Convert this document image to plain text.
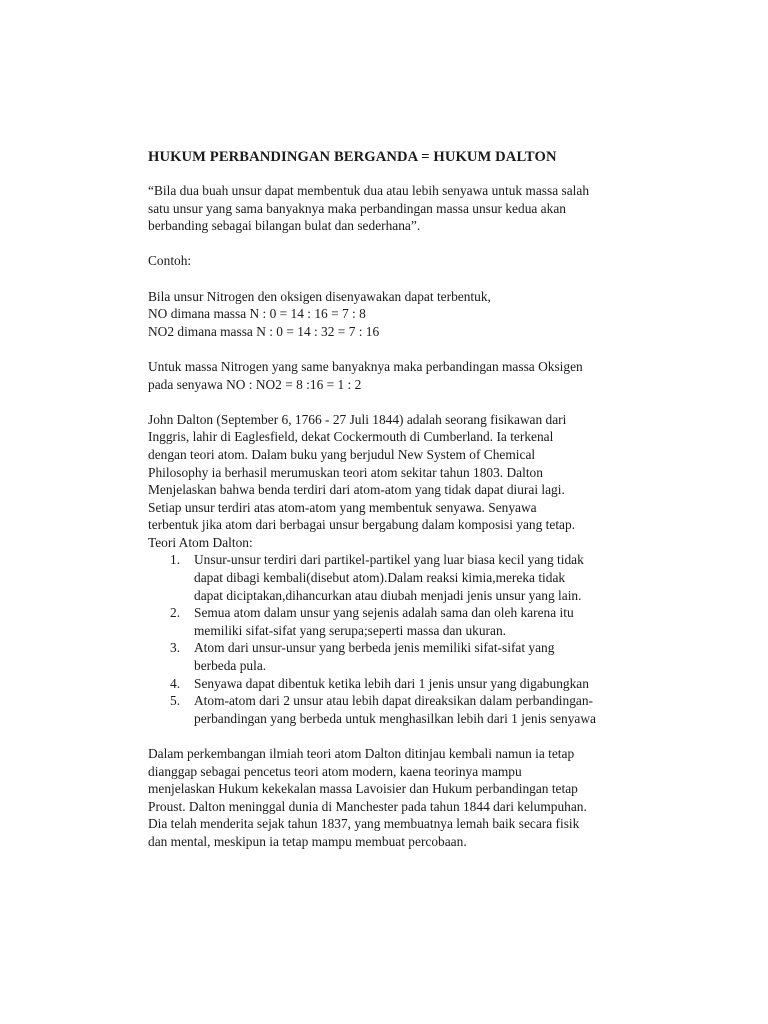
HUKUM PERBANDINGAN BERGANDA = HUKUM DALTON
“Bila dua buah unsur dapat membentuk dua atau lebih senyawa untuk massa salah
satu unsur yang sama banyaknya maka perbandingan massa unsur kedua akan
berbanding sebagai bilangan bulat dan sederhana”.
Contoh:
Bila unsur Nitrogen den oksigen disenyawakan dapat terbentuk,
NO dimana massa N : 0 = 14 : 16 = 7 : 8
NO2 dimana massa N : 0 = 14 : 32 = 7 : 16
Untuk massa Nitrogen yang same banyaknya maka perbandingan massa Oksigen
pada senyawa NO : NO2 = 8 :16 = 1 : 2
John Dalton (September 6, 1766 - 27 Juli 1844) adalah seorang fisikawan dari
Inggris, lahir di Eaglesfield, dekat Cockermouth di Cumberland. Ia terkenal
dengan teori atom. Dalam buku yang berjudul New System of Chemical
Philosophy ia berhasil merumuskan teori atom sekitar tahun 1803. Dalton
Menjelaskan bahwa benda terdiri dari atom-atom yang tidak dapat diurai lagi.
Setiap unsur terdiri atas atom-atom yang membentuk senyawa. Senyawa
terbentuk jika atom dari berbagai unsur bergabung dalam komposisi yang tetap.
Teori Atom Dalton:
1. Unsur-unsur terdiri dari partikel-partikel yang luar biasa kecil yang tidak
dapat dibagi kembali(disebut atom).Dalam reaksi kimia,mereka tidak
dapat diciptakan,dihancurkan atau diubah menjadi jenis unsur yang lain.
2. Semua atom dalam unsur yang sejenis adalah sama dan oleh karena itu
memiliki sifat-sifat yang serupa;seperti massa dan ukuran.
3. Atom dari unsur-unsur yang berbeda jenis memiliki sifat-sifat yang
berbeda pula.
4. Senyawa dapat dibentuk ketika lebih dari 1 jenis unsur yang digabungkan
5. Atom-atom dari 2 unsur atau lebih dapat direaksikan dalam perbandingan-
perbandingan yang berbeda untuk menghasilkan lebih dari 1 jenis senyawa
Dalam perkembangan ilmiah teori atom Dalton ditinjau kembali namun ia tetap
dianggap sebagai pencetus teori atom modern, kaena teorinya mampu
menjelaskan Hukum kekekalan massa Lavoisier dan Hukum perbandingan tetap
Proust. Dalton meninggal dunia di Manchester pada tahun 1844 dari kelumpuhan.
Dia telah menderita sejak tahun 1837, yang membuatnya lemah baik secara fisik
dan mental, meskipun ia tetap mampu membuat percobaan.
